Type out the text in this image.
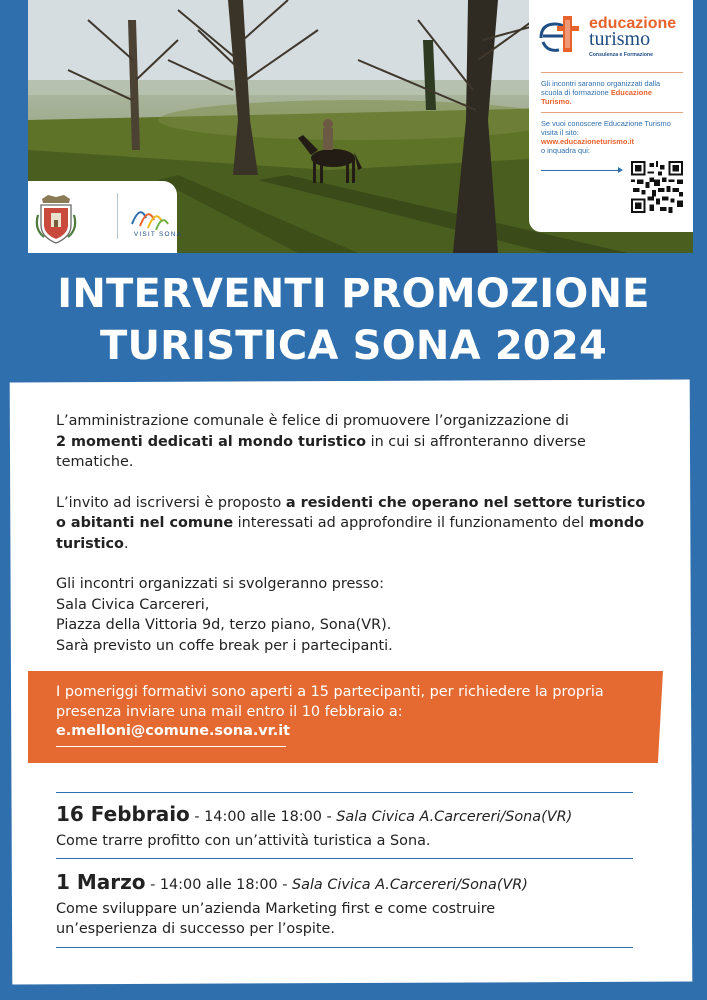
VISIT SONA
educazione
turismo
Consulenza e Formazione
Gli incontri saranno organizzati dalla scuola di formazione Educazione Turismo.
Se vuoi conoscere Educazione Turismo visita il sito:
www.educazioneturismo.it
o inquadra qui:
INTERVENTI PROMOZIONE
TURISTICA SONA 2024

L’amministrazione comunale è felice di promuovere l’organizzazione di
2 momenti dedicati al mondo turistico in cui si affronteranno diverse tematiche.

L’invito ad iscriversi è proposto a residenti che operano nel settore turistico o abitanti nel comune interessati ad approfondire il funzionamento del mondo turistico.

Gli incontri organizzati si svolgeranno presso:
Sala Civica Carcereri,
Piazza della Vittoria 9d, terzo piano, Sona(VR).
Sarà previsto un coffe break per i partecipanti.

I pomeriggi formativi sono aperti a 15 partecipanti, per richiedere la propria presenza inviare una mail entro il 10 febbraio a:
e.melloni@comune.sona.vr.it
16 Febbraio - 14:00 alle 18:00 - Sala Civica A.Carcereri/Sona(VR)
Come trarre profitto con un’attività turistica a Sona.
1 Marzo - 14:00 alle 18:00 - Sala Civica A.Carcereri/Sona(VR)
Come sviluppare un’azienda Marketing first e come costruire
un’esperienza di successo per l’ospite.
